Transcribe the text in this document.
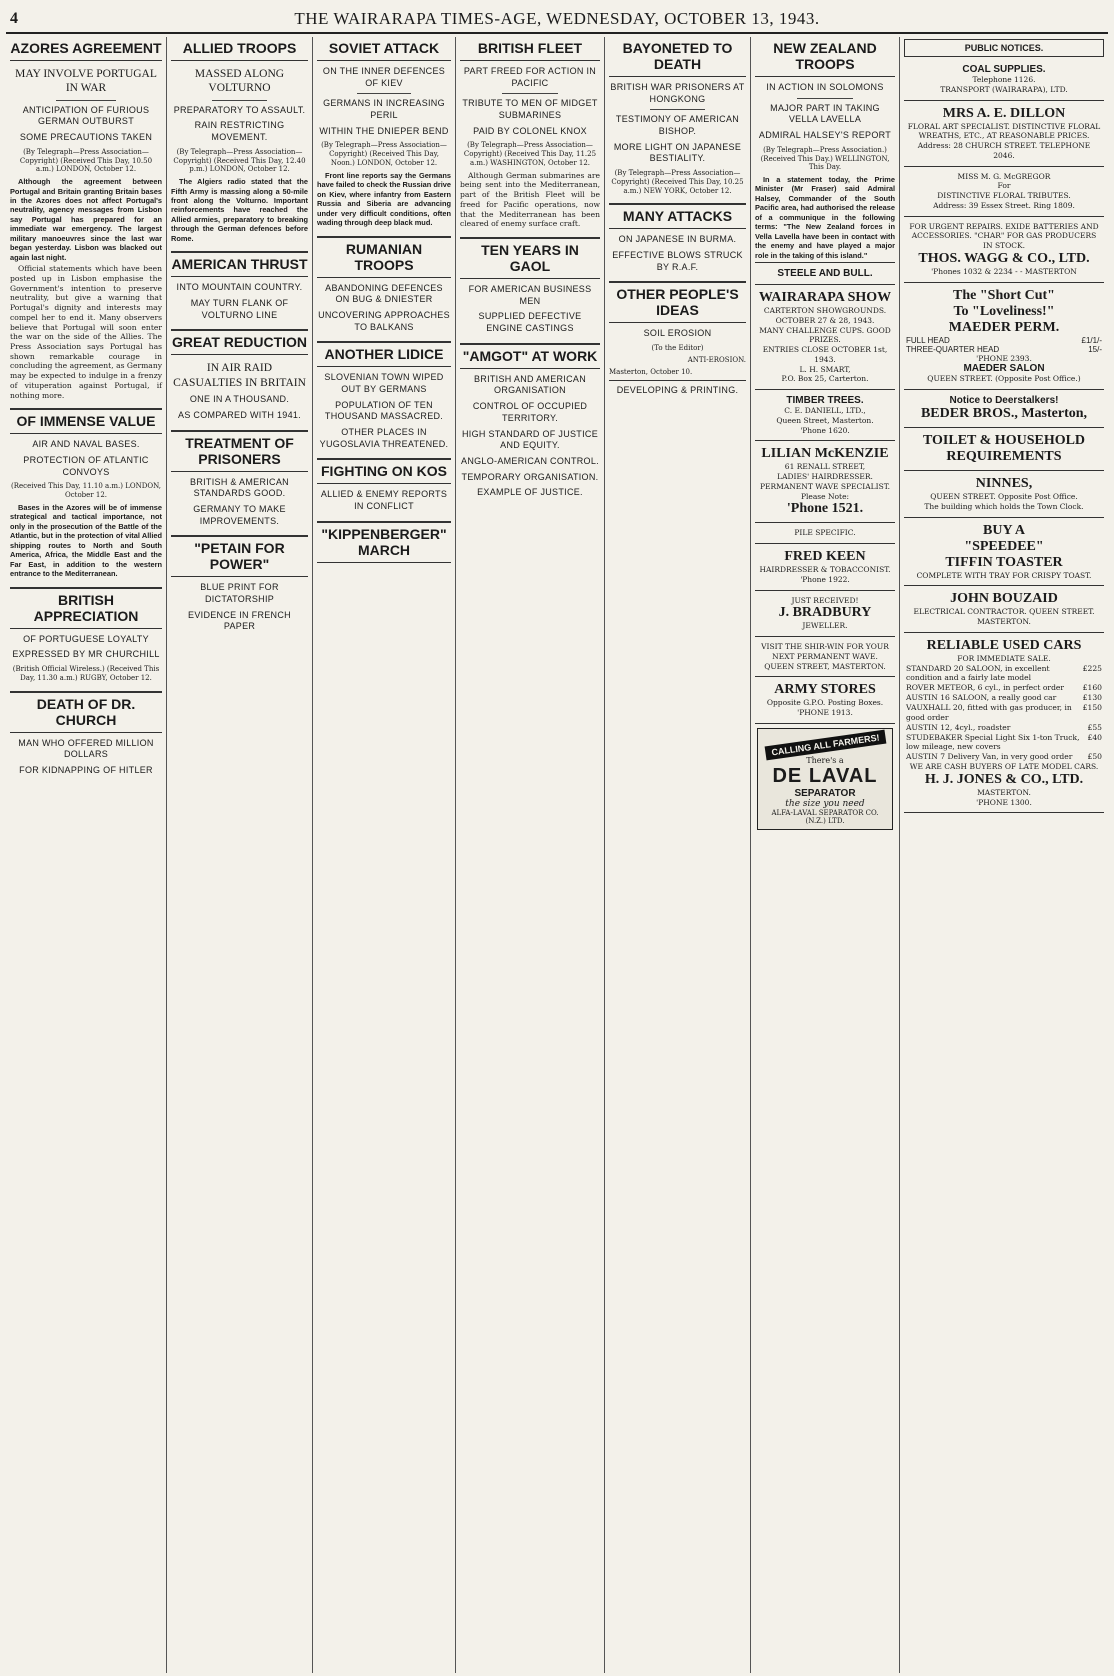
4	THE WAIRARAPA TIMES-AGE, WEDNESDAY, OCTOBER 13, 1943.
AZORES AGREEMENT
MAY INVOLVE PORTUGAL IN WAR
ANTICIPATION OF FURIOUS GERMAN OUTBURST
SOME PRECAUTIONS TAKEN
(By Telegraph—Press Association—Copyright) (Received This Day, 10.50 a.m.) LONDON, October 12.

Although the agreement between Portugal and Britain granting Britain bases in the Azores does not affect Portugal's neutrality, agency messages from Lisbon say Portugal has prepared for an immediate war emergency. The largest military manoeuvres since the last war began yesterday. Lisbon was blacked out again last night.

Official statements which have been posted up in Lisbon emphasise the Government's intention to preserve neutrality, but give a warning that Portugal's dignity and interests may compel her to end it. Many observers believe that Portugal will soon enter the war on the side of the Allies. The Press Association says Portugal has shown remarkable courage in concluding the agreement, as Germany may be expected to indulge in a frenzy of vituperation against Portugal, if nothing more.

OF IMMENSE VALUE
AIR AND NAVAL BASES.
PROTECTION OF ATLANTIC CONVOYS
(Received This Day, 11.10 a.m.) LONDON, October 12.

Bases in the Azores will be of immense strategical and tactical importance, not only in the prosecution of the Battle of the Atlantic, but in the protection of vital Allied shipping routes to North and South America, Africa, the Middle East and the Far East, in addition to the western entrance to the Mediterranean.

BRITISH APPRECIATION
OF PORTUGUESE LOYALTY
EXPRESSED BY MR CHURCHILL
(British Official Wireless.) (Received This Day, 11.30 a.m.) RUGBY, October 12.
DEATH OF DR. CHURCH
MAN WHO OFFERED MILLION DOLLARS
FOR KIDNAPPING OF HITLER
ALLIED TROOPS
MASSED ALONG VOLTURNO
PREPARATORY TO ASSAULT.
RAIN RESTRICTING MOVEMENT.
(By Telegraph—Press Association—Copyright) (Received This Day, 12.40 p.m.) LONDON, October 12.

The Algiers radio stated that the Fifth Army is massing along a 50-mile front along the Volturno. Important reinforcements have reached the Allied armies, preparatory to breaking through the German defences before Rome.

AMERICAN THRUST
INTO MOUNTAIN COUNTRY.
MAY TURN FLANK OF VOLTURNO LINE
GREAT REDUCTION
IN AIR RAID CASUALTIES IN BRITAIN
ONE IN A THOUSAND.
AS COMPARED WITH 1941.
TREATMENT OF PRISONERS
BRITISH & AMERICAN STANDARDS GOOD.
GERMANY TO MAKE IMPROVEMENTS.
"PETAIN FOR POWER"
BLUE PRINT FOR DICTATORSHIP
EVIDENCE IN FRENCH PAPER
SOVIET ATTACK
ON THE INNER DEFENCES OF KIEV
GERMANS IN INCREASING PERIL
WITHIN THE DNIEPER BEND
(By Telegraph—Press Association—Copyright) (Received This Day, Noon.) LONDON, October 12.

Front line reports say the Germans have failed to check the Russian drive on Kiev, where infantry from Eastern Russia and Siberia are advancing under very difficult conditions, often wading through deep black mud.

RUMANIAN TROOPS
ABANDONING DEFENCES ON BUG & DNIESTER
UNCOVERING APPROACHES TO BALKANS
ANOTHER LIDICE
SLOVENIAN TOWN WIPED OUT BY GERMANS
POPULATION OF TEN THOUSAND MASSACRED.
OTHER PLACES IN YUGOSLAVIA THREATENED.
FIGHTING ON KOS
ALLIED & ENEMY REPORTS IN CONFLICT
"KIPPENBERGER" MARCH
BRITISH FLEET
PART FREED FOR ACTION IN PACIFIC
TRIBUTE TO MEN OF MIDGET SUBMARINES
PAID BY COLONEL KNOX
(By Telegraph—Press Association—Copyright) (Received This Day, 11.25 a.m.) WASHINGTON, October 12.

Although German submarines are being sent into the Mediterranean, part of the British Fleet will be freed for Pacific operations, now that the Mediterranean has been cleared of enemy surface craft.

TEN YEARS IN GAOL
FOR AMERICAN BUSINESS MEN
SUPPLIED DEFECTIVE ENGINE CASTINGS
"AMGOT" AT WORK
BRITISH AND AMERICAN ORGANISATION
CONTROL OF OCCUPIED TERRITORY.
HIGH STANDARD OF JUSTICE AND EQUITY.
ANGLO-AMERICAN CONTROL.
TEMPORARY ORGANISATION.
EXAMPLE OF JUSTICE.
BAYONETED TO DEATH
BRITISH WAR PRISONERS AT HONGKONG
TESTIMONY OF AMERICAN BISHOP.
MORE LIGHT ON JAPANESE BESTIALITY.
(By Telegraph—Press Association—Copyright) (Received This Day, 10.25 a.m.) NEW YORK, October 12.
MANY ATTACKS
ON JAPANESE IN BURMA.
EFFECTIVE BLOWS STRUCK BY R.A.F.
OTHER PEOPLE'S IDEAS
SOIL EROSION
(To the Editor)
ANTI-EROSION.
Masterton, October 10.
DEVELOPING & PRINTING.
NEW ZEALAND TROOPS
IN ACTION IN SOLOMONS
MAJOR PART IN TAKING VELLA LAVELLA
ADMIRAL HALSEY'S REPORT
(By Telegraph—Press Association.) (Received This Day.) WELLINGTON, This Day.

In a statement today, the Prime Minister (Mr Fraser) said Admiral Halsey, Commander of the South Pacific area, had authorised the release of a communique in the following terms: "The New Zealand forces in Vella Lavella have been in contact with the enemy and have played a major role in the taking of this island."

STEELE AND BULL.
WAIRARAPA SHOW
CARTERTON SHOWGROUNDS.
OCTOBER 27 & 28, 1943.
MANY CHALLENGE CUPS. GOOD PRIZES.
ENTRIES CLOSE OCTOBER 1st, 1943.
L. H. SMART,
P.O. Box 25, Carterton.
TIMBER TREES.
C. E. DANIELL, LTD.,
Queen Street, Masterton.
'Phone 1620.
LILIAN McKENZIE
61 RENALL STREET,
LADIES' HAIRDRESSER. PERMANENT WAVE SPECIALIST.
Please Note:
'Phone 1521.
PILE SPECIFIC.
FRED KEEN
HAIRDRESSER & TOBACCONIST.
'Phone 1922.
JUST RECEIVED!
J. BRADBURY
JEWELLER.
VISIT THE SHIR-WIN FOR YOUR NEXT PERMANENT WAVE.
QUEEN STREET, MASTERTON.
ARMY STORES
Opposite G.P.O. Posting Boxes. 'PHONE 1913.
CALLING ALL FARMERS!
There's a
DE LAVAL
SEPARATOR
the size you need
ALFA-LAVAL SEPARATOR CO. (N.Z.) LTD.
PUBLIC NOTICES.
COAL SUPPLIES.
Telephone 1126.
TRANSPORT (WAIRARAPA), LTD.
MRS A. E. DILLON
FLORAL ART SPECIALIST. DISTINCTIVE FLORAL WREATHS, ETC., AT REASONABLE PRICES.
Address: 28 CHURCH STREET. TELEPHONE 2046.
MISS M. G. McGREGOR
For
DISTINCTIVE FLORAL TRIBUTES.
Address: 39 Essex Street. Ring 1809.
FOR URGENT REPAIRS. EXIDE BATTERIES AND ACCESSORIES. "CHAR" FOR GAS PRODUCERS IN STOCK.
THOS. WAGG & CO., LTD.
'Phones 1032 & 2234 - - MASTERTON
The "Short Cut"
To "Loveliness!"
MAEDER PERM.
FULL HEAD	£1/1/-
THREE-QUARTER HEAD	15/-
'PHONE 2393.
MAEDER SALON
QUEEN STREET. (Opposite Post Office.)
Notice to Deerstalkers!
BEDER BROS., Masterton,
TOILET & HOUSEHOLD REQUIREMENTS
NINNES,
QUEEN STREET. Opposite Post Office.
The building which holds the Town Clock.
BUY A
"SPEEDEE"
TIFFIN TOASTER
COMPLETE WITH TRAY FOR CRISPY TOAST.
JOHN BOUZAID
ELECTRICAL CONTRACTOR. QUEEN STREET.
MASTERTON.
RELIABLE USED CARS
FOR IMMEDIATE SALE.
STANDARD 20 SALOON, in excellent condition and a fairly late model
£225
ROVER METEOR, 6 cyl., in perfect order £160
AUSTIN 16 SALOON, a really good car	£130
VAUXHALL 20, fitted with gas producer, in good order
£150
AUSTIN 12, 4cyl., roadster	£55
STUDEBAKER Special Light Six 1-ton Truck, low mileage, new covers
£40
AUSTIN 7 Delivery Van, in very good order £50
WE ARE CASH BUYERS OF LATE MODEL CARS.
H. J. JONES & CO., LTD.
MASTERTON.
'PHONE 1300.
